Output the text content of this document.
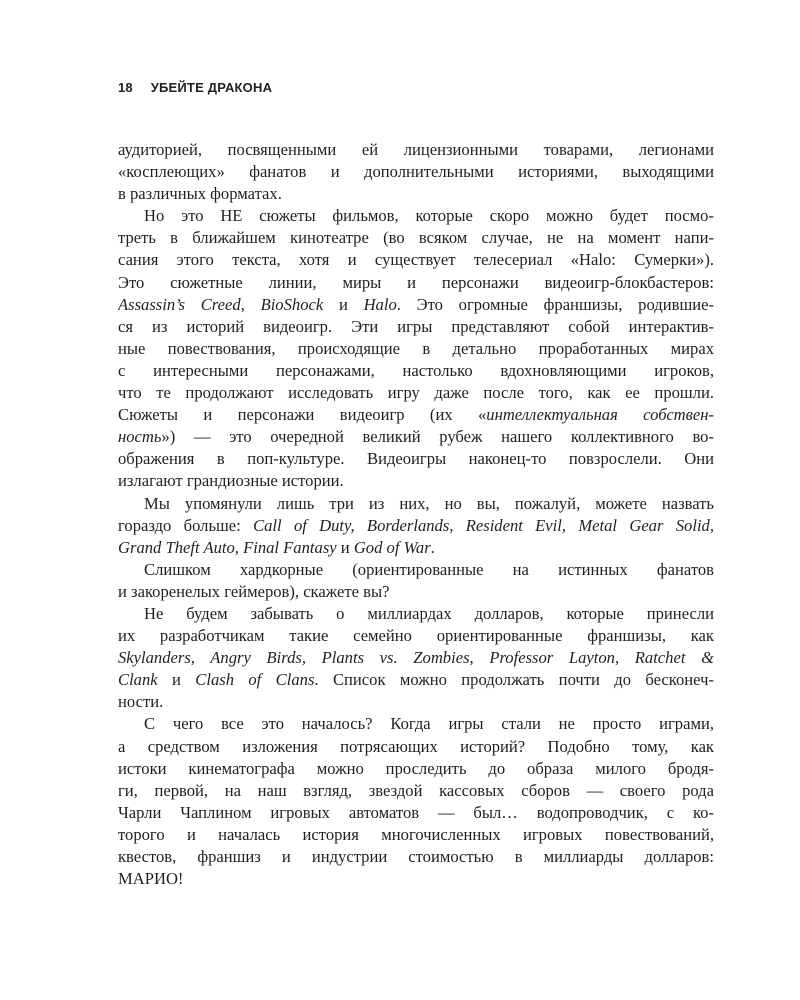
18 УБЕЙТЕ ДРАКОНА
аудиторией, посвященными ей лицензионными товарами, легионами
«косплеющих» фанатов и дополнительными историями, выходящими
в различных форматах.
Но это НЕ сюжеты фильмов, которые скоро можно будет посмо-
треть в ближайшем кинотеатре (во всяком случае, не на момент напи-
сания этого текста, хотя и существует телесериал «Halo: Сумерки»).
Это сюжетные линии, миры и персонажи видеоигр-блокбастеров:
Assassin’s Creed, BioShock и Halo. Это огромные франшизы, родившие-
ся из историй видеоигр. Эти игры представляют собой интерактив-
ные повествования, происходящие в детально проработанных мирах
с интересными персонажами, настолько вдохновляющими игроков,
что те продолжают исследовать игру даже после того, как ее прошли.
Сюжеты и персонажи видеоигр (их «интеллектуальная собствен-
ность») — это очередной великий рубеж нашего коллективного во-
ображения в поп-культуре. Видеоигры наконец-то повзрослели. Они
излагают грандиозные истории.
Мы упомянули лишь три из них, но вы, пожалуй, можете назвать
гораздо больше: Call of Duty, Borderlands, Resident Evil, Metal Gear Solid,
Grand Theft Auto, Final Fantasy и God of War.
Слишком хардкорные (ориентированные на истинных фанатов
и закоренелых геймеров), скажете вы?
Не будем забывать о миллиардах долларов, которые принесли
их разработчикам такие семейно ориентированные франшизы, как
Skylanders, Angry Birds, Plants vs. Zombies, Professor Layton, Ratchet &
Clank и Clash of Clans. Список можно продолжать почти до бесконеч-
ности.
С чего все это началось? Когда игры стали не просто играми,
а средством изложения потрясающих историй? Подобно тому, как
истоки кинематографа можно проследить до образа милого бродя-
ги, первой, на наш взгляд, звездой кассовых сборов — своего рода
Чарли Чаплином игровых автоматов — был… водопроводчик, с ко-
торого и началась история многочисленных игровых повествований,
квестов, франшиз и индустрии стоимостью в миллиарды долларов:
МАРИО!
